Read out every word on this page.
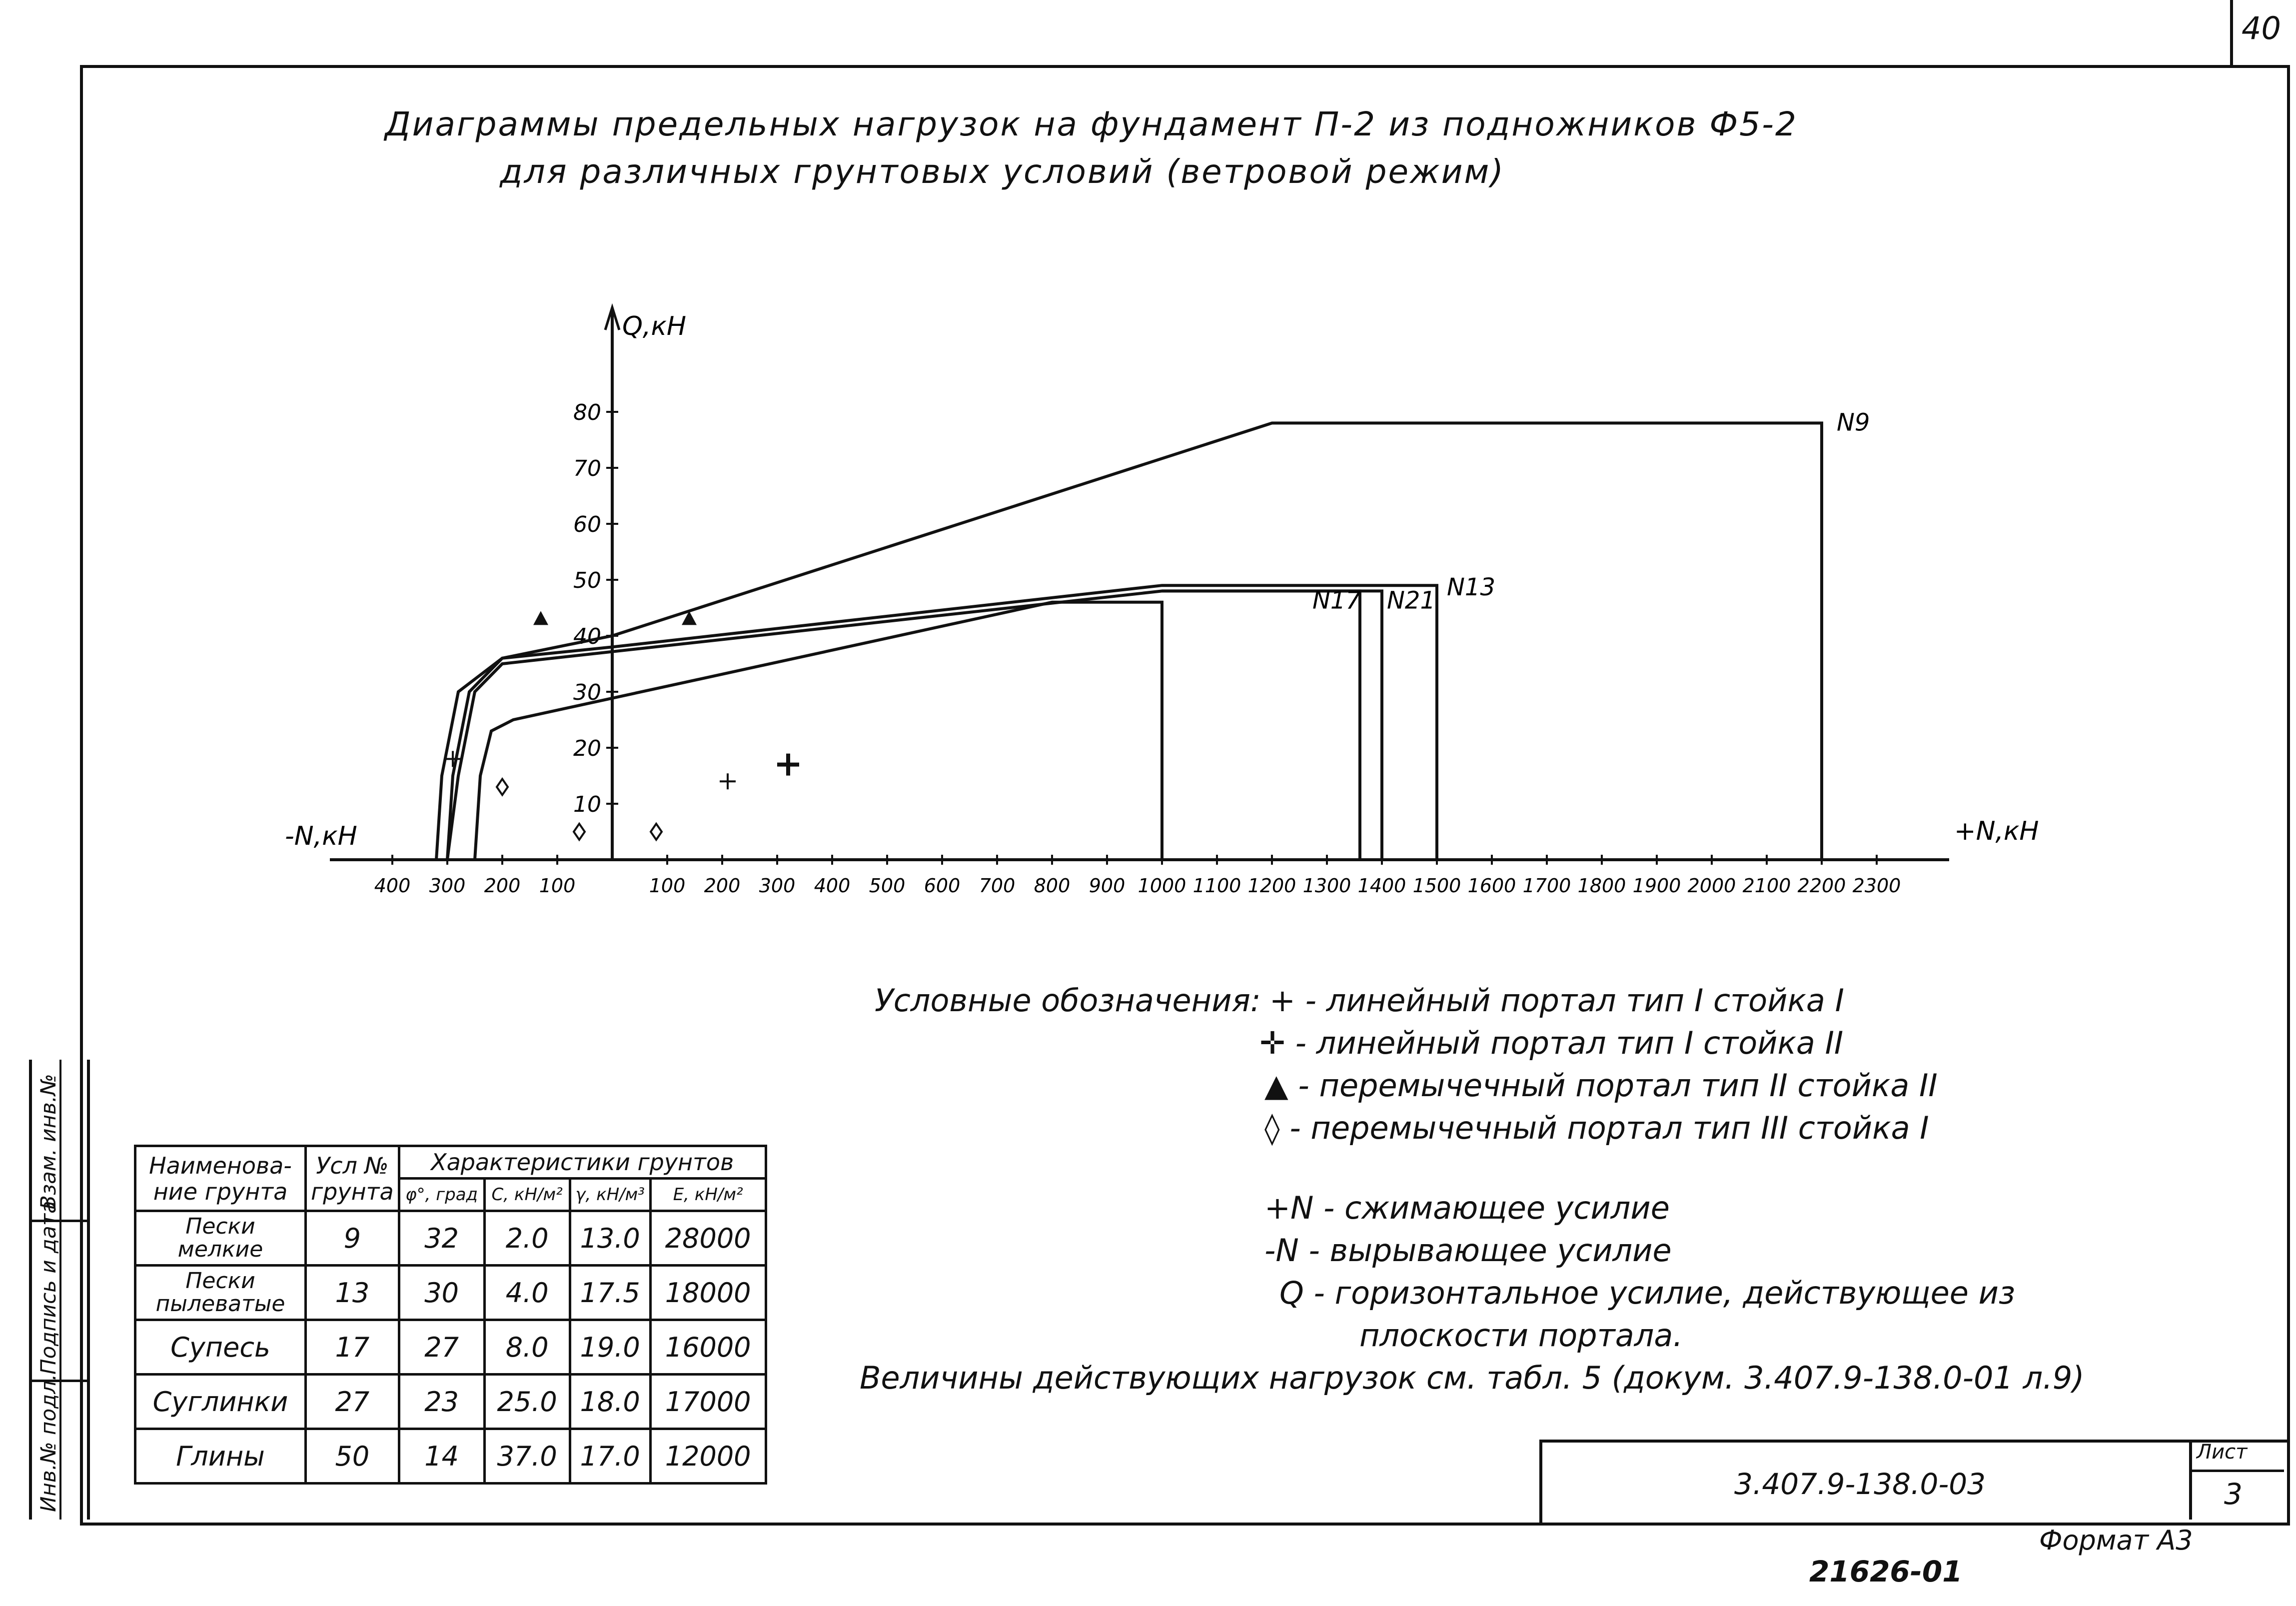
40
Диаграммы предельных нагрузок на фундамент П-2 из подножников Ф5-2
для различных грунтовых условий (ветровой режим)
Q,кН
+N,кН
-N,кН
400 300 200 100	100 200 300 400 500 600 700 800 900 1000 1100 1200 1300 1400 1500 1600 1700 1800 1900 2000 2100 2200 2300
10
20
30
40
50
60
70
80	N9
N13
N17 N21
Условные обозначения: + - линейный портал тип I стойка I
✛ - линейный портал тип I стойка II
▲ - перемычечный портал тип II стойка II
◊ - перемычечный портал тип III стойка I
+N - сжимающее усилие
-N - вырывающее усилие
Q - горизонтальное усилие, действующее из
плоскости портала.
Величины действующих нагрузок см. табл. 5 (докум. 3.407.9-138.0-01 л.9)
Наименова-ние грунта	Усл № грунта	Характеристики грунтов			
		φ°, град	C, кН/м²	γ, кН/м³	E, кН/м²
Пески мелкие	9	32	2.0	13.0	28000
Пески пылеватые	13	30	4.0	17.5	18000
Супесь	17	27	8.0	19.0	16000
Суглинки	27	23	25.0	18.0	17000
Глины	50	14	37.0	17.0	12000
Взам. инв.№
Подпись и дата
Инв.№ подл.	3.407.9-138.0-03
Лист
3
Формат А3
21626-01
